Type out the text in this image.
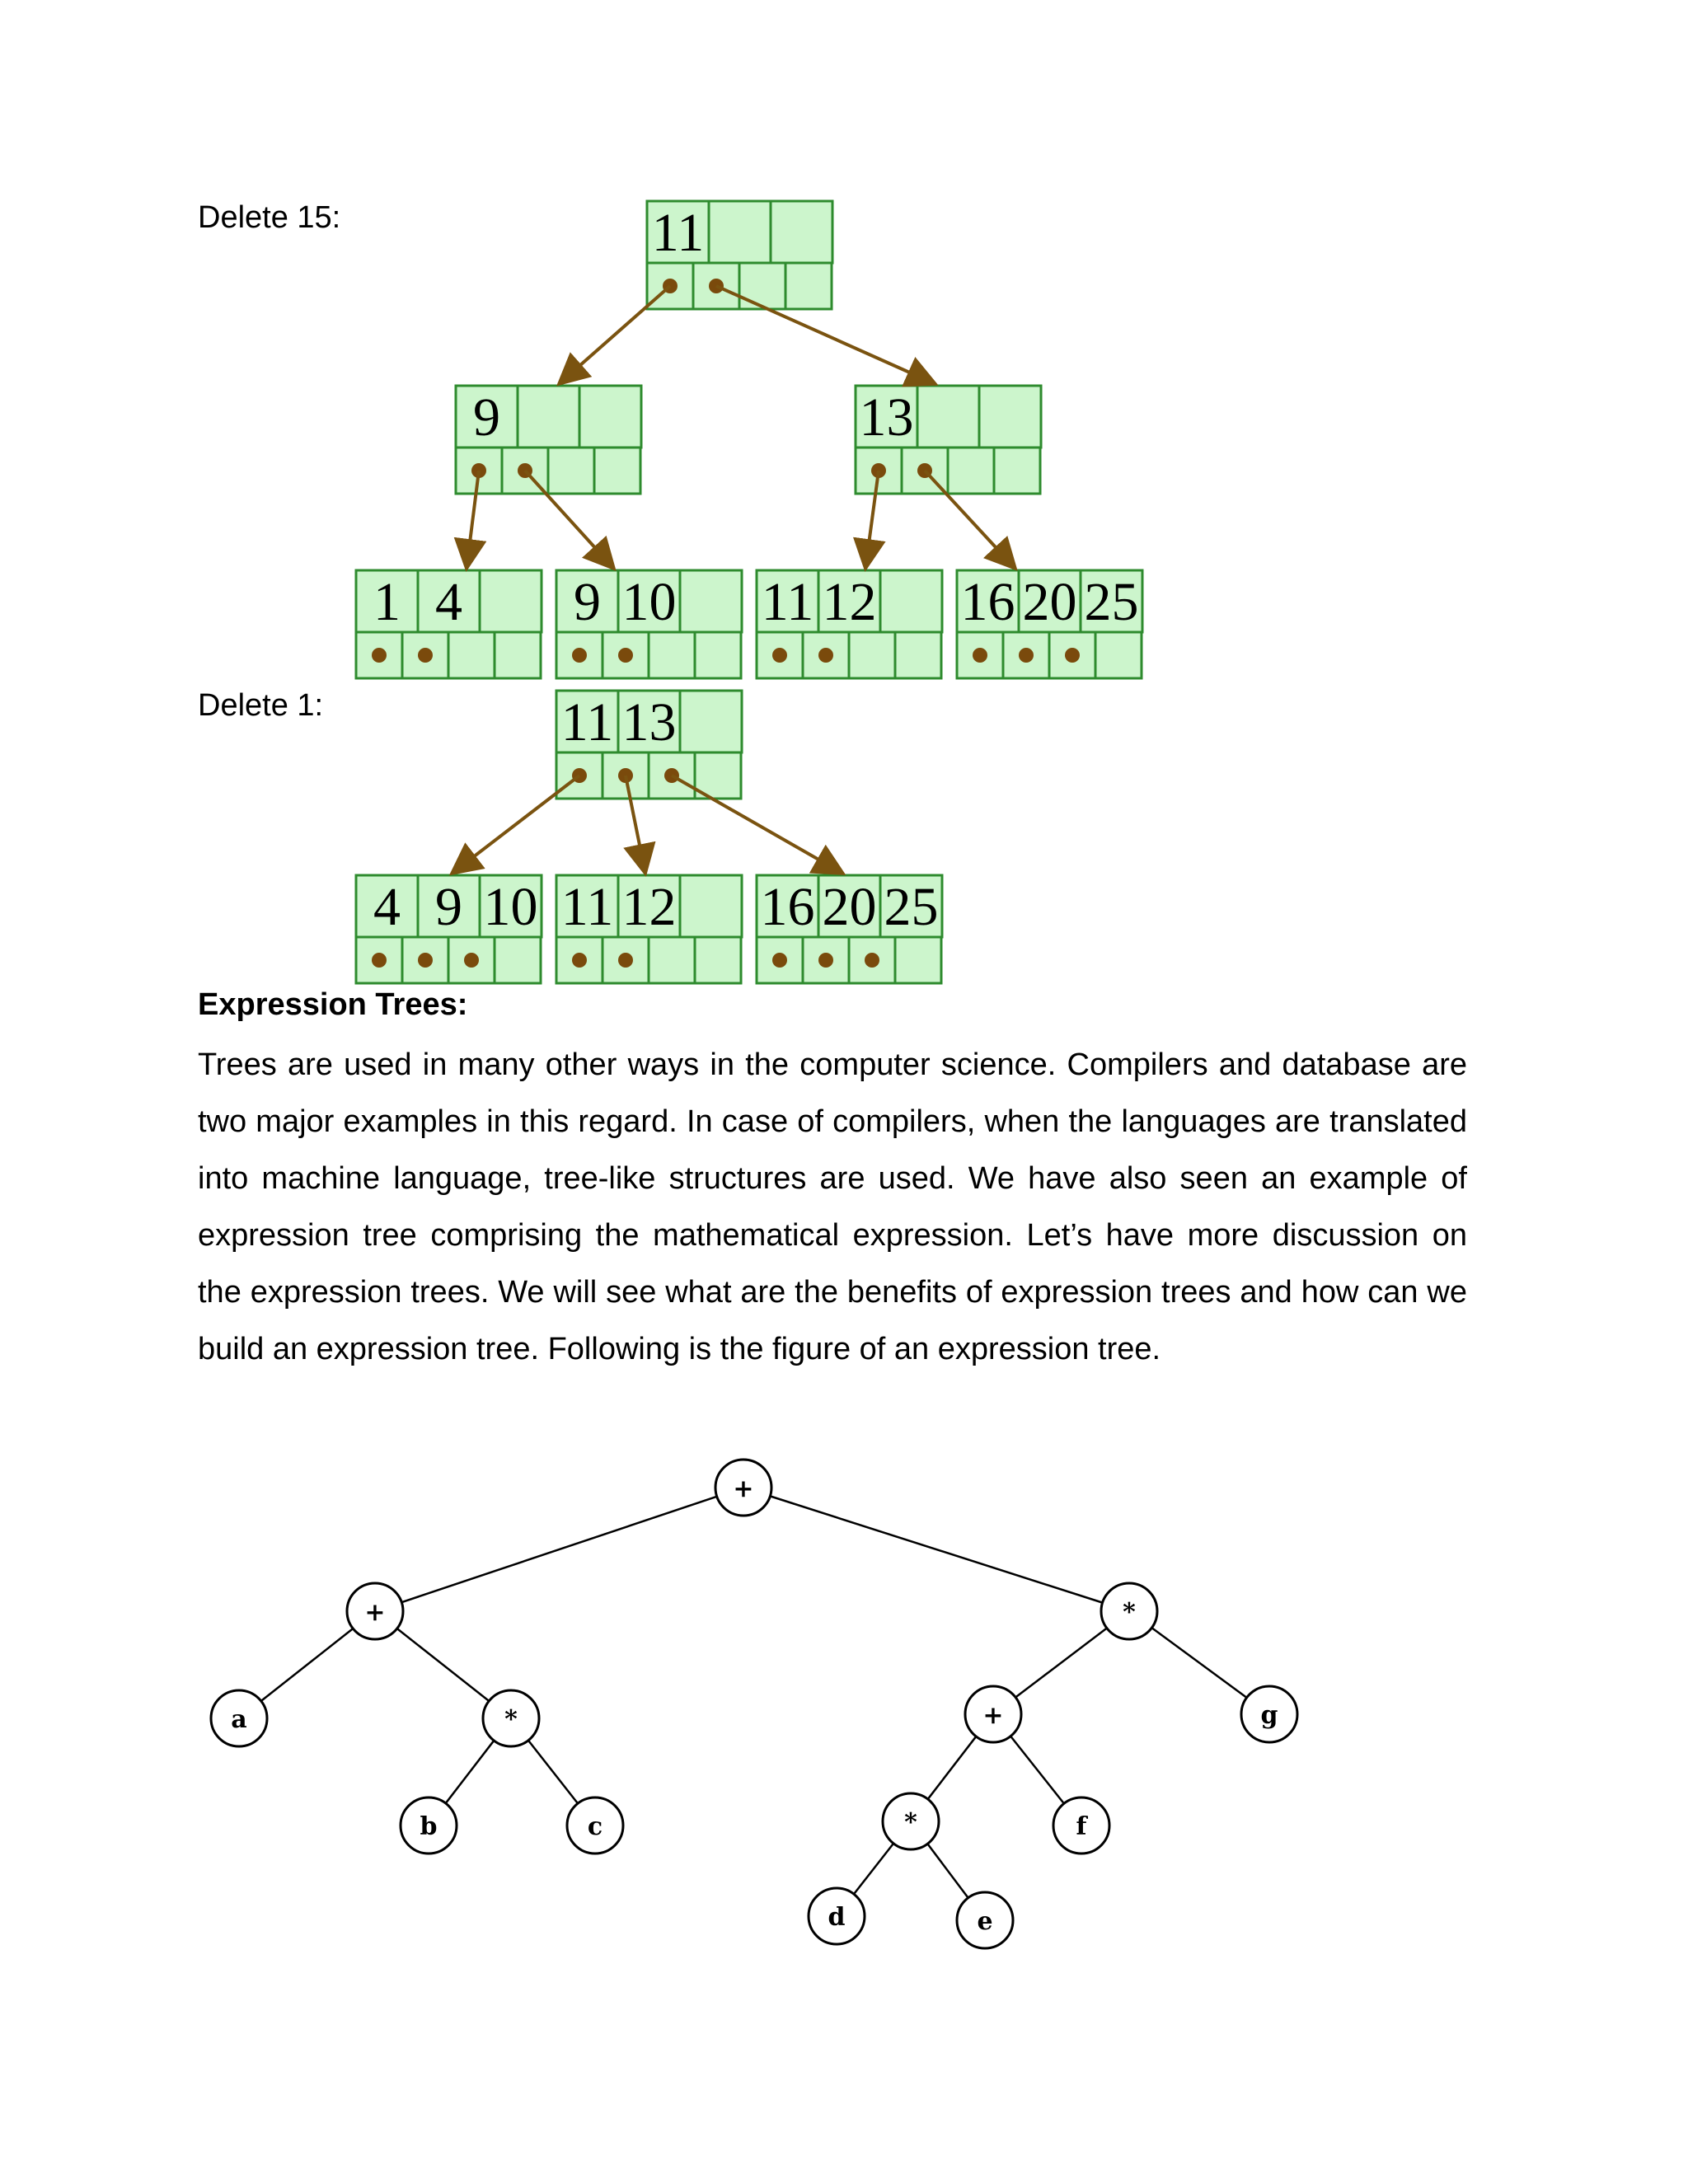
Delete 15:
Delete 1:
11
9	13
1 4 9 10 11 12 16 20 25
11 13
4 9 10 11 12 16 20 25
+
+	*
a	*
b	c
+	g
*	f
d	e
Expression Trees:
Trees are used in many other ways in the computer science. Compilers and database are two major examples in this regard. In case of compilers, when the languages are translated into machine language, tree-like structures are used. We have also seen an example of expression tree comprising the mathematical expression. Let’s have more discussion on the expression trees. We will see what are the benefits of expression trees and how can we build an expression tree. Following is the figure of an expression tree.
